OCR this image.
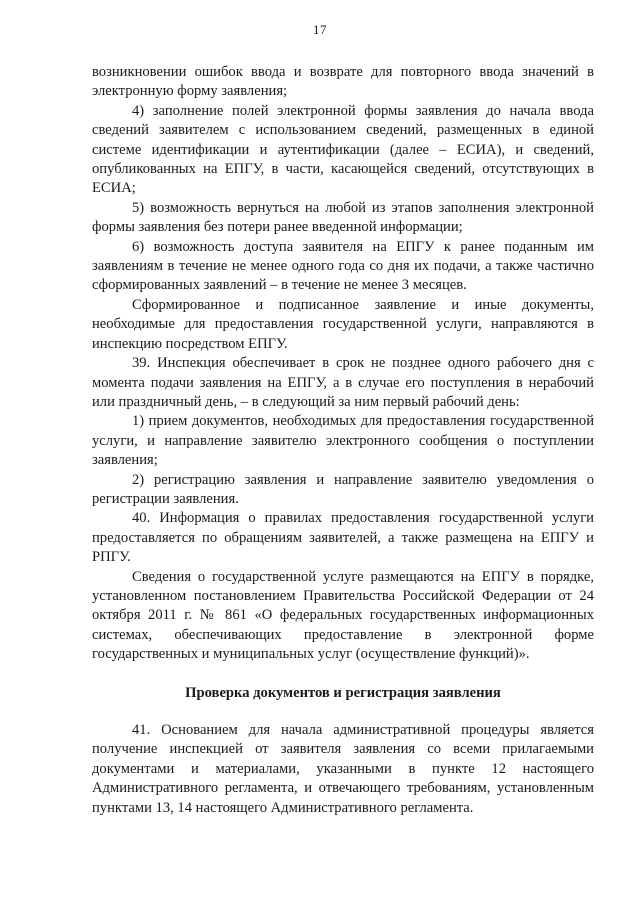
17

возникновении ошибок ввода и возврате для повторного ввода значений в электронную форму заявления;

4) заполнение полей электронной формы заявления до начала ввода сведений заявителем с использованием сведений, размещенных в единой системе идентификации и аутентификации (далее – ЕСИА), и сведений, опубликованных на ЕПГУ, в части, касающейся сведений, отсутствующих в ЕСИА;

5) возможность вернуться на любой из этапов заполнения электронной формы заявления без потери ранее введенной информации;

6) возможность доступа заявителя на ЕПГУ к ранее поданным им заявлениям в течение не менее одного года со дня их подачи, а также частично сформированных заявлений – в течение не менее 3 месяцев.

Сформированное и подписанное заявление и иные документы, необходимые для предоставления государственной услуги, направляются в инспекцию посредством ЕПГУ.

39. Инспекция обеспечивает в срок не позднее одного рабочего дня с момента подачи заявления на ЕПГУ, а в случае его поступления в нерабочий или праздничный день, – в следующий за ним первый рабочий день:

1) прием документов, необходимых для предоставления государственной услуги, и направление заявителю электронного сообщения о поступлении заявления;

2) регистрацию заявления и направление заявителю уведомления о регистрации заявления.

40. Информация о правилах предоставления государственной услуги предоставляется по обращениям заявителей, а также размещена на ЕПГУ и РПГУ.

Сведения о государственной услуге размещаются на ЕПГУ в порядке, установленном постановлением Правительства Российской Федерации от 24 октября 2011 г. № 861 «О федеральных государственных информационных системах, обеспечивающих предоставление в электронной форме государственных и муниципальных услуг (осуществление функций)».

Проверка документов и регистрация заявления

41. Основанием для начала административной процедуры является получение инспекцией от заявителя заявления со всеми прилагаемыми документами и материалами, указанными в пункте 12 настоящего Административного регламента, и отвечающего требованиям, установленным пунктами 13, 14 настоящего Административного регламента.
